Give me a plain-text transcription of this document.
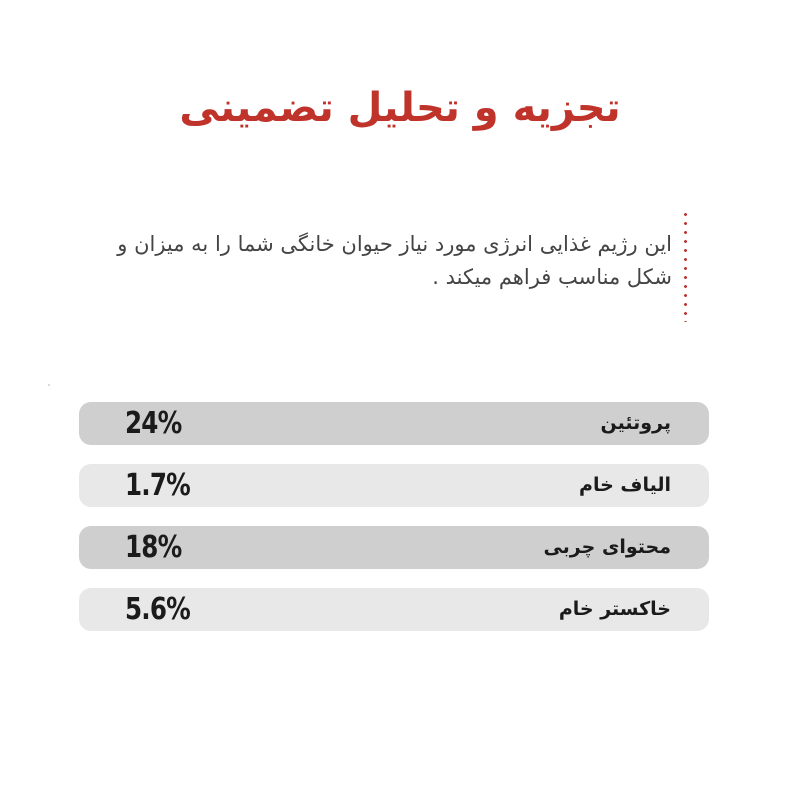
تجزیه و تحلیل تضمینی
این رژیم غذایی انرژی مورد نیاز حیوان خانگی شما را به میزان و شکل مناسب فراهم میکند .
پروتئین
24%
الیاف خام
1.7%
محتوای چربی
18%
خاکستر خام
5.6%
